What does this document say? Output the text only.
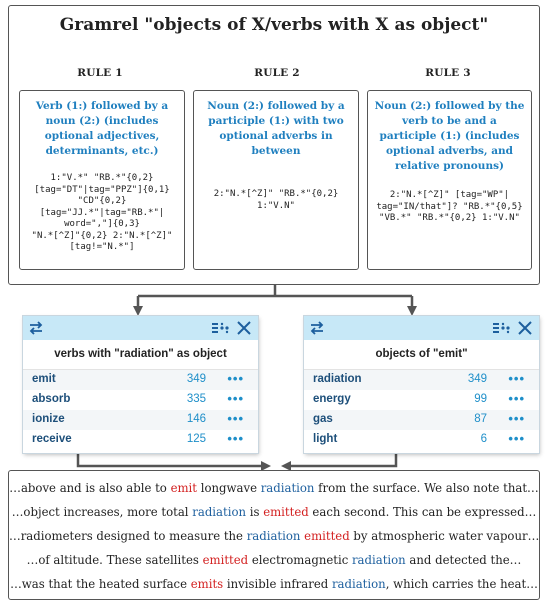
Gramrel "objects of X/verbs with X as object"
RULE 1	RULE 2	RULE 3
Verb (1:) followed by a noun (2:) (includes optional adjectives, determinants, etc.)
1:"V.*" "RB.*"{0,2}
[tag="DT"|tag="PPZ"]{0,1}
"CD"{0,2}
[tag="JJ.*"|tag="RB.*"|
word=","]{0,3}
"N.*[^Z]"{0,2} 2:"N.*[^Z]"
[tag!="N.*"]
Noun (2:) followed by a participle (1:) with two optional adverbs in between
2:"N.*[^Z]" "RB.*"{0,2}
1:"V.N"
Noun (2:) followed by the verb to be and a participle (1:) (includes optional adverbs, and relative pronouns)
2:"N.*[^Z]" [tag="WP"|
tag="IN/that"]? "RB.*"{0,5}
"VB.*" "RB.*"{0,2} 1:"V.N"
verbs with "radiation" as object
emit	349 •••
absorb	335 •••
ionize	146 •••
receive	125 •••
objects of "emit"
radiation	349 •••
energy	99 •••
gas	87 •••
light	6 •••
…above and is also able to emit longwave radiation from the surface. We also note that…
…object increases, more total radiation is emitted each second. This can be expressed…
…radiometers designed to measure the radiation emitted by atmospheric water vapour…
…of altitude. These satellites emitted electromagnetic radiation and detected the…
…was that the heated surface emits invisible infrared radiation, which carries the heat…
